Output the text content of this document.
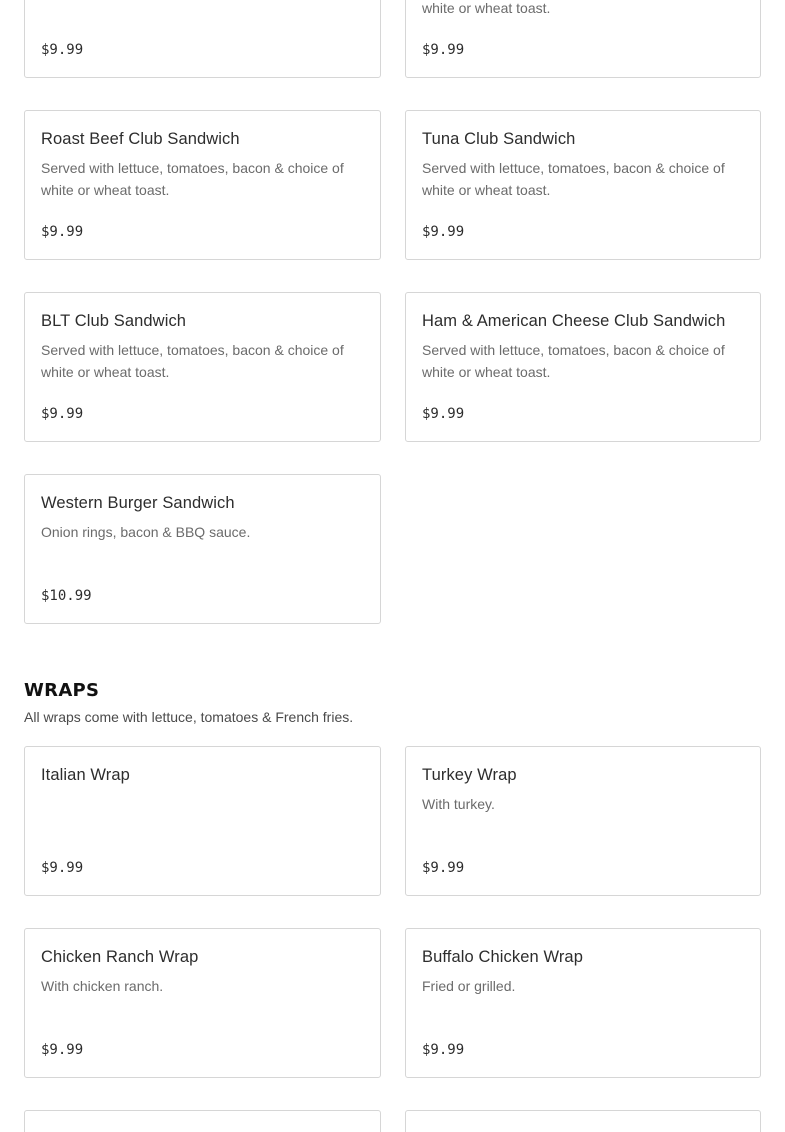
$9.99
white or wheat toast.
$9.99
Roast Beef Club Sandwich
Served with lettuce, tomatoes, bacon & choice of white or wheat toast.
$9.99
Tuna Club Sandwich
Served with lettuce, tomatoes, bacon & choice of white or wheat toast.
$9.99
BLT Club Sandwich
Served with lettuce, tomatoes, bacon & choice of white or wheat toast.
$9.99
Ham & American Cheese Club Sandwich
Served with lettuce, tomatoes, bacon & choice of white or wheat toast.
$9.99
Western Burger Sandwich
Onion rings, bacon & BBQ sauce.
$10.99
WRAPS

All wraps come with lettuce, tomatoes & French fries.

Italian Wrap
$9.99
Turkey Wrap
With turkey.
$9.99
Chicken Ranch Wrap
With chicken ranch.
$9.99
Buffalo Chicken Wrap
Fried or grilled.
$9.99
